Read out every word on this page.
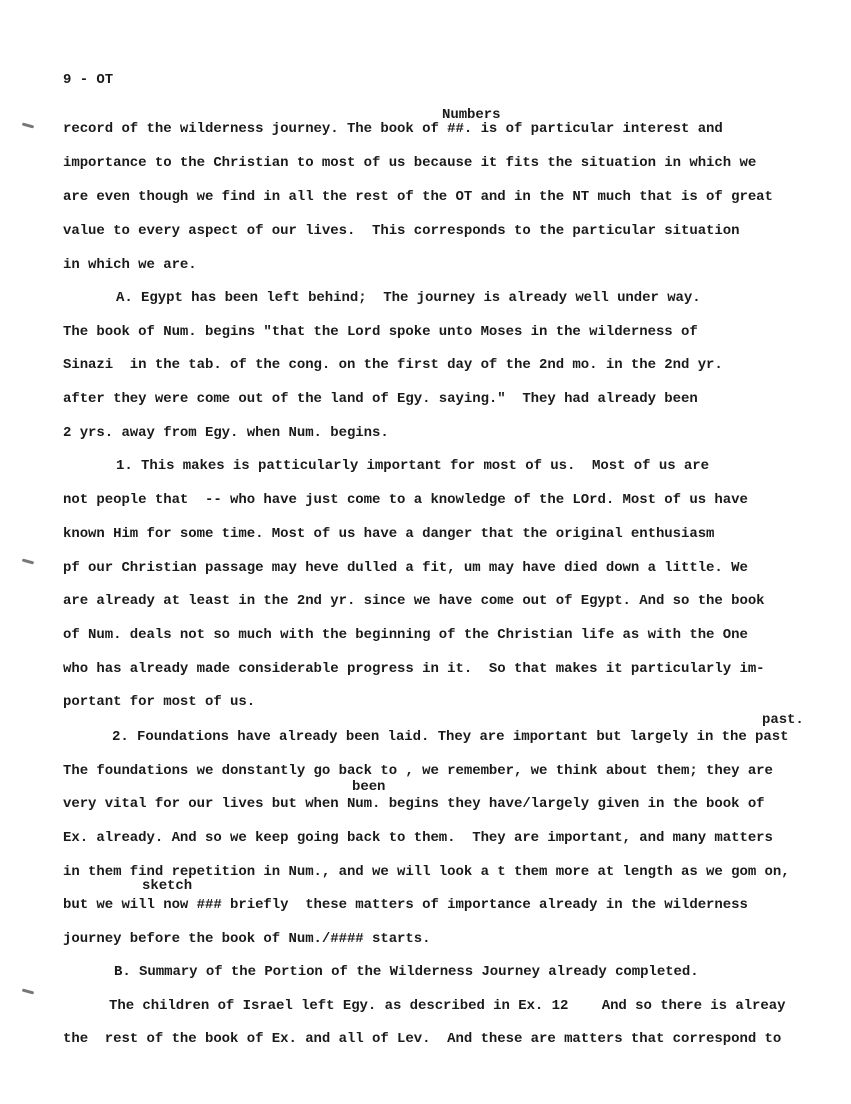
9 - OT
Numbers
record of the wilderness journey. The book of ##. is of particular interest and
importance to the Christian to most of us because it fits the situation in which we
are even though we find in all the rest of the OT and in the NT much that is of great
value to every aspect of our lives.  This corresponds to the particular situation
in which we are.
A. Egypt has been left behind;  The journey is already well under way.
The book of Num. begins "that the Lord spoke unto Moses in the wilderness of
Sinazi  in the tab. of the cong. on the first day of the 2nd mo. in the 2nd yr.
after they were come out of the land of Egy. saying."  They had already been
2 yrs. away from Egy. when Num. begins.
1. This makes is patticularly important for most of us.  Most of us are
not people that  -- who have just come to a knowledge of the LOrd. Most of us have
known Him for some time. Most of us have a danger that the original enthusiasm
pf our Christian passage may heve dulled a fit, um may have died down a little. We
are already at least in the 2nd yr. since we have come out of Egypt. And so the book
of Num. deals not so much with the beginning of the Christian life as with the One
who has already made considerable progress in it.  So that makes it particularly im-
portant for most of us.
past.
2. Foundations have already been laid. They are important but largely in the past
The foundations we donstantly go back to , we remember, we think about them; they are
been
very vital for our lives but when Num. begins they have/largely given in the book of
Ex. already. And so we keep going back to them.  They are important, and many matters
in them find repetition in Num., and we will look a t them more at length as we gom on,
sketch
but we will now ### briefly  these matters of importance already in the wilderness
journey before the book of Num./#### starts.
B. Summary of the Portion of the Wilderness Journey already completed.
The children of Israel left Egy. as described in Ex. 12    And so there is alreay
the  rest of the book of Ex. and all of Lev.  And these are matters that correspond to
